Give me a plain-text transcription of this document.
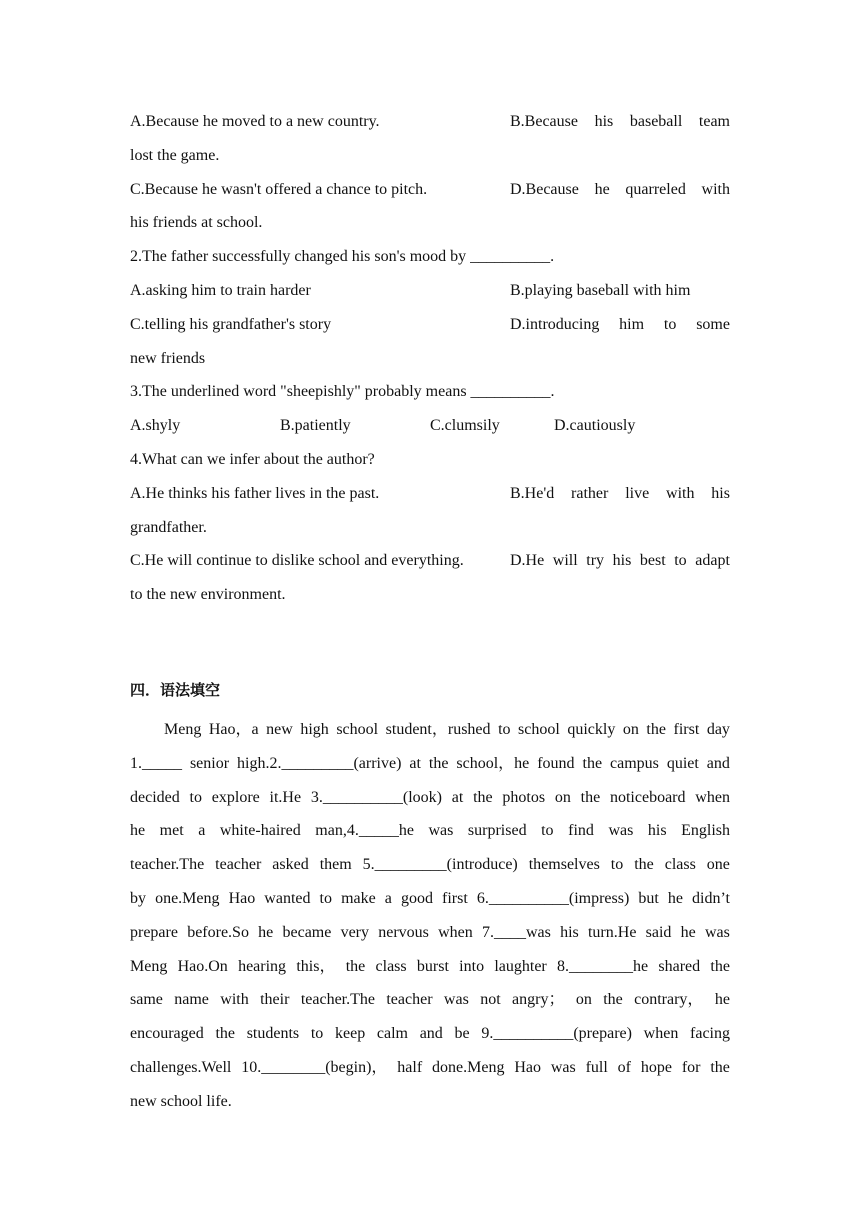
A.Because he moved to a new country.	B.Because his baseball team
lost the game.
C.Because he wasn't offered a chance to pitch.	D.Because he quarreled with
his friends at school.
2.The father successfully changed his son's mood by __________.
A.asking him to train harder	B.playing baseball with him
C.telling his grandfather's story	D.introducing him to some
new friends
3.The underlined word "sheepishly" probably means __________.
A.shyly	B.patiently	C.clumsily	D.cautiously
4.What can we infer about the author?
A.He thinks his father lives in the past.	B.He'd rather live with his
grandfather.
C.He will continue to dislike school and everything.	D.He will try his best to adapt
to the new environment.
四．语法填空
Meng Hao，a new high school student，rushed to school quickly on the first day
1._____ senior high.2._________(arrive) at the school，he found the campus quiet and
decided to explore it.He 3.__________(look) at the photos on the noticeboard when
he met a white-haired man,4._____he was surprised to find was his English
teacher.The teacher asked them 5._________(introduce) themselves to the class one
by one.Meng Hao wanted to make a good first 6.__________(impress) but he didn’t
prepare before.So he became very nervous when 7.____was his turn.He said he was
Meng Hao.On hearing this， the class burst into laughter 8.________he shared the
same name with their teacher.The teacher was not angry； on the contrary， he
encouraged the students to keep calm and be 9.__________(prepare) when facing
challenges.Well 10.________(begin)， half done.Meng Hao was full of hope for the
new school life.
